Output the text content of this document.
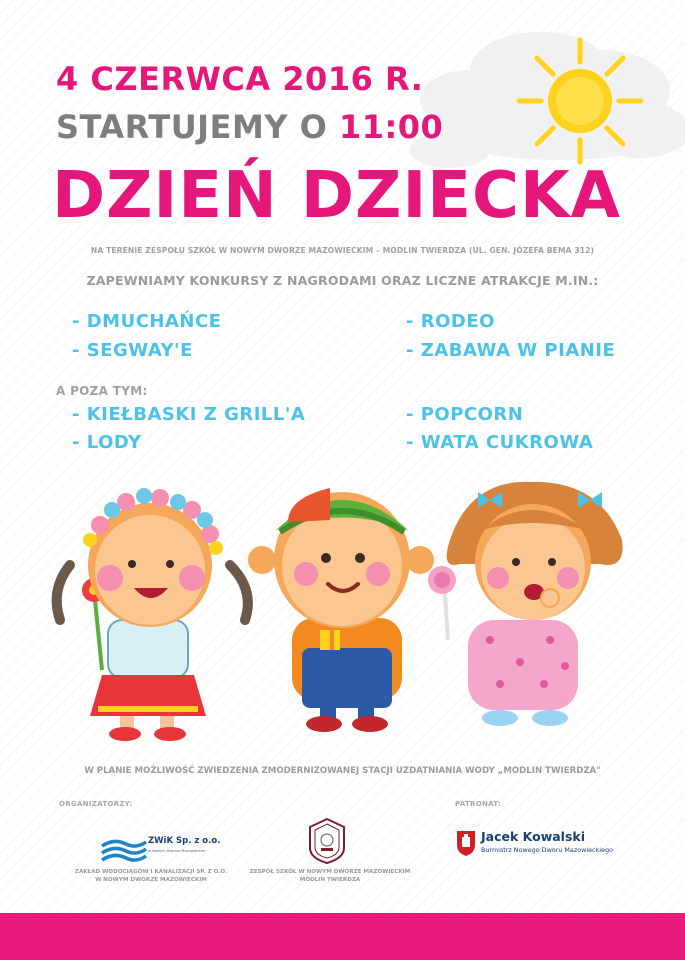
4 CZERWCA 2016 R.
STARTUJEMY O 11:00
DZIEŃ DZIECKA
NA TERENIE ZESPOŁU SZKÓŁ W NOWYM DWORZE MAZOWIECKIM – MODLIN TWIERDZA (UL. GEN. JÓZEFA BEMA 312)
ZAPEWNIAMY KONKURSY Z NAGRODAMI ORAZ LICZNE ATRAKCJE M.IN.:
- DMUCHAŃCE
- SEGWAY'E
- RODEO
- ZABAWA W PIANIE
A POZA TYM:
- KIEŁBASKI Z GRILL'A
- LODY
- POPCORN
- WATA CUKROWA
W PLANIE MOŻLIWOŚĆ ZWIEDZENIA ZMODERNIZOWANEJ STACJI UZDATNIANIA WODY „MODLIN TWIERDZA"
ORGANIZATORZY:	PATRONAT:
ZWiK Sp. z o.o.
w Nowym Dworze Mazowieckim
ZAKŁAD WODOCIĄGÓW I KANALIZACJI SP. Z O.O.
W NOWYM DWORZE MAZOWIECKIM
ZESPÓŁ SZKÓŁ W NOWYM DWORZE MAZOWIECKIM
MODLIN TWIERDZA
Jacek Kowalski
Burmistrz Nowego Dworu Mazowieckiego
